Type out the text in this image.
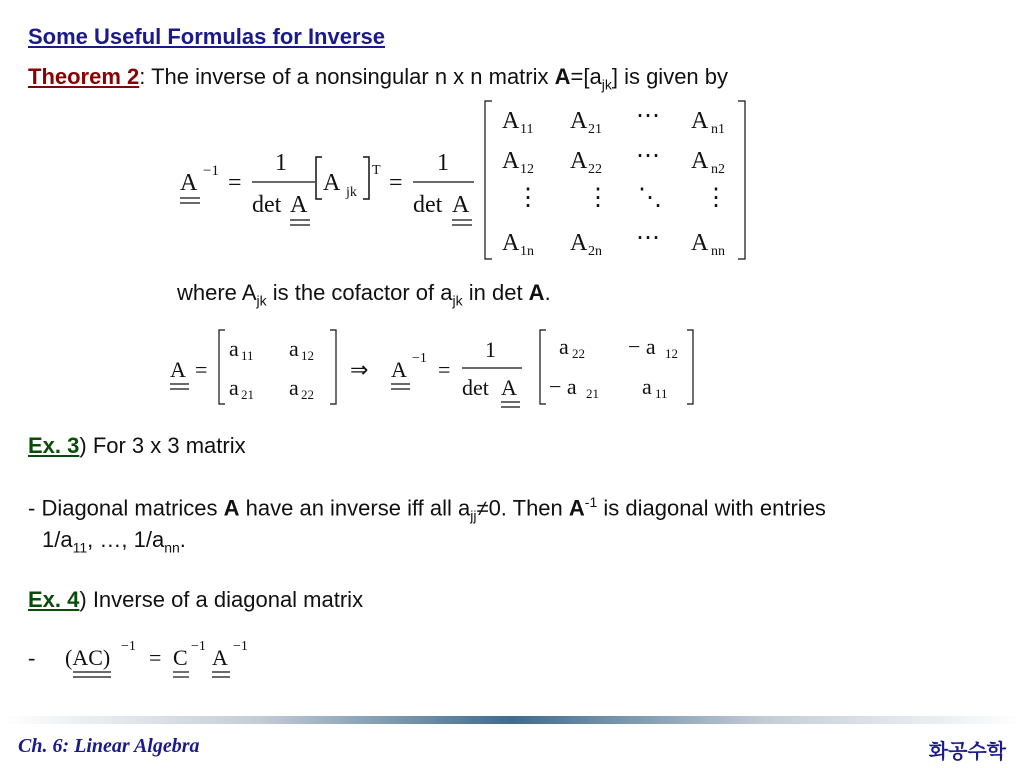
Some Useful Formulas for Inverse
Theorem 2: The inverse of a nonsingular n x n matrix $A=[a_{jk}]$ is given by
A −1 =
1
det A
A jk
T =
1
det A
A 11 A 21
⋯ A n1
A 12 A 22
⋯ A n2
⋮ ⋮ ⋱ ⋮
A 1n A 2n
⋯ A nn
where $A_{jk}$ is the cofactor of $a_{jk}$ in det A.
A =
a 11 a 12
a 21 a 22
⇒ A −1 =
1
det A
a 22 − a 12
− a 21 a 11
Ex. 3) For 3 x 3 matrix
- Diagonal matrices A have an inverse iff all $a_{jj}\ne 0$. Then $A^{-1}$ is diagonal with entries
$1/a_{11}$, …, $1/a_{nn}$.
Ex. 4) Inverse of a diagonal matrix
- (AC) −1 = C −1 A −1
Ch. 6: Linear Algebra	화공수학
